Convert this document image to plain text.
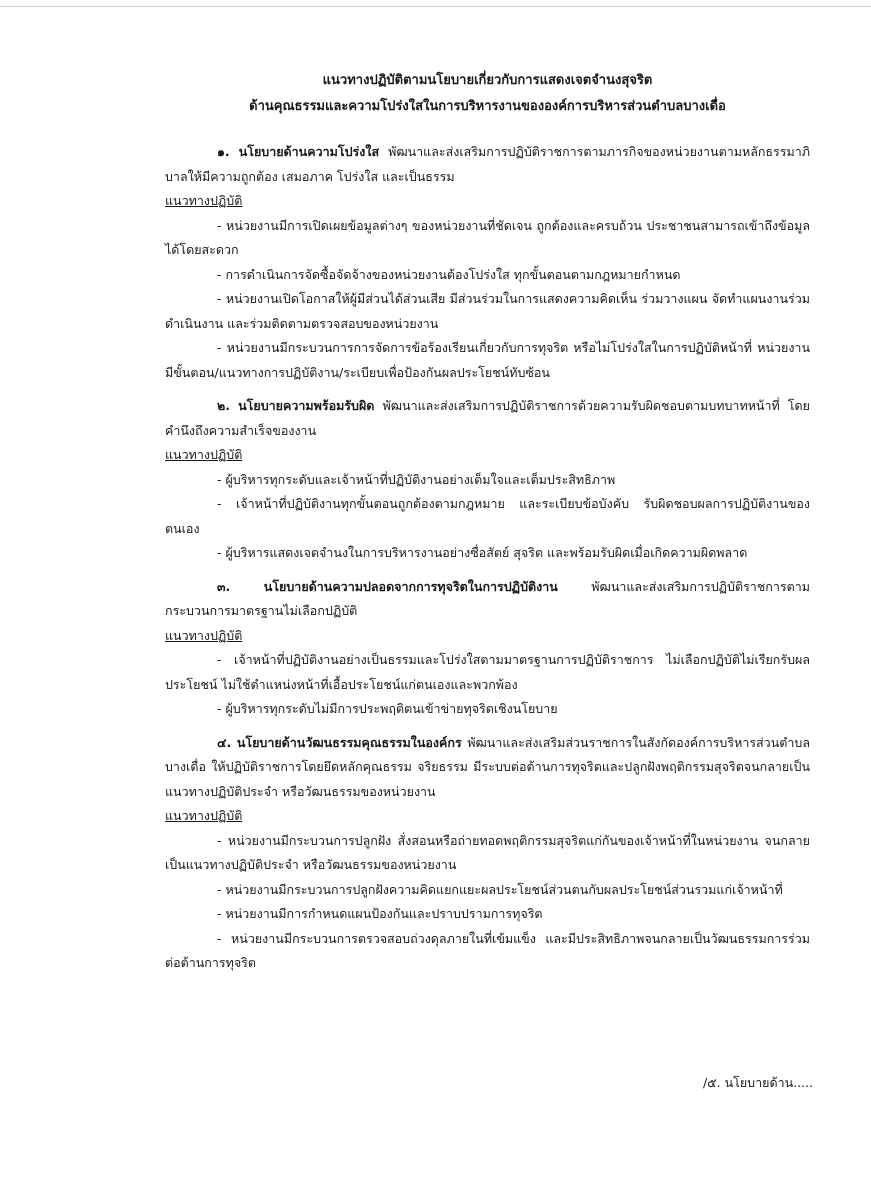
แนวทางปฏิบัติตามนโยบายเกี่ยวกับการแสดงเจตจำนงสุจริต

ด้านคุณธรรมและความโปร่งใสในการบริหารงานขององค์การบริหารส่วนตำบลบางเดื่อ

๑. นโยบายด้านความโปร่งใส พัฒนาและส่งเสริมการปฏิบัติราชการตามภารกิจของหน่วยงานตามหลักธรรมาภิบาลให้มีความถูกต้อง เสมอภาค โปร่งใส และเป็นธรรม

แนวทางปฏิบัติ

- หน่วยงานมีการเปิดเผยข้อมูลต่างๆ ของหน่วยงานที่ชัดเจน ถูกต้องและครบถ้วน ประชาชนสามารถเข้าถึงข้อมูลได้โดยสะดวก

- การดำเนินการจัดซื้อจัดจ้างของหน่วยงานต้องโปร่งใส ทุกขั้นตอนตามกฎหมายกำหนด

- หน่วยงานเปิดโอกาสให้ผู้มีส่วนได้ส่วนเสีย มีส่วนร่วมในการแสดงความคิดเห็น ร่วมวางแผน จัดทำแผนงานร่วมดำเนินงาน และร่วมติดตามตรวจสอบของหน่วยงาน

- หน่วยงานมีกระบวนการการจัดการข้อร้องเรียนเกี่ยวกับการทุจริต หรือไม่โปร่งใสในการปฏิบัติหน้าที่ หน่วยงานมีขั้นตอน/แนวทางการปฏิบัติงาน/ระเบียบเพื่อป้องกันผลประโยชน์ทับซ้อน

๒. นโยบายความพร้อมรับผิด พัฒนาและส่งเสริมการปฏิบัติราชการด้วยความรับผิดชอบตามบทบาทหน้าที่ โดยคำนึงถึงความสำเร็จของงาน

แนวทางปฏิบัติ

- ผู้บริหารทุกระดับและเจ้าหน้าที่ปฏิบัติงานอย่างเต็มใจและเต็มประสิทธิภาพ

- เจ้าหน้าที่ปฏิบัติงานทุกขั้นตอนถูกต้องตามกฎหมาย และระเบียบข้อบังคับ รับผิดชอบผลการปฏิบัติงานของตนเอง

- ผู้บริหารแสดงเจตจำนงในการบริหารงานอย่างซื่อสัตย์ สุจริต และพร้อมรับผิดเมื่อเกิดความผิดพลาด

๓.	นโยบายด้านความปลอดจากการทุจริตในการปฏิบัติงาน	พัฒนาและส่งเสริมการปฏิบัติราชการตามกระบวนการมาตรฐานไม่เลือกปฏิบัติ

แนวทางปฏิบัติ

- เจ้าหน้าที่ปฏิบัติงานอย่างเป็นธรรมและโปร่งใสตามมาตรฐานการปฏิบัติราชการ ไม่เลือกปฏิบัติไม่เรียกรับผลประโยชน์ ไม่ใช้ตำแหน่งหน้าที่เอื้อประโยชน์แก่ตนเองและพวกพ้อง

- ผู้บริหารทุกระดับไม่มีการประพฤติตนเข้าข่ายทุจริตเชิงนโยบาย

๔. นโยบายด้านวัฒนธรรมคุณธรรมในองค์กร พัฒนาและส่งเสริมส่วนราชการในสังกัดองค์การบริหารส่วนตำบลบางเดื่อ ให้ปฏิบัติราชการโดยยึดหลักคุณธรรม จริยธรรม มีระบบต่อต้านการทุจริตและปลูกฝังพฤติกรรมสุจริตจนกลายเป็นแนวทางปฏิบัติประจำ หรือวัฒนธรรมของหน่วยงาน

แนวทางปฏิบัติ

- หน่วยงานมีกระบวนการปลูกฝัง สั่งสอนหรือถ่ายทอดพฤติกรรมสุจริตแก่กันของเจ้าหน้าที่ในหน่วยงาน จนกลายเป็นแนวทางปฏิบัติประจำ หรือวัฒนธรรมของหน่วยงาน

- หน่วยงานมีกระบวนการปลูกฝังความคิดแยกแยะผลประโยชน์ส่วนตนกับผลประโยชน์ส่วนรวมแก่เจ้าหน้าที่

- หน่วยงานมีการกำหนดแผนป้องกันและปราบปรามการทุจริต

- หน่วยงานมีกระบวนการตรวจสอบถ่วงดุลภายในที่เข้มแข็ง และมีประสิทธิภาพจนกลายเป็นวัฒนธรรมการร่วมต่อต้านการทุจริต

/๕. นโยบายด้าน.....
